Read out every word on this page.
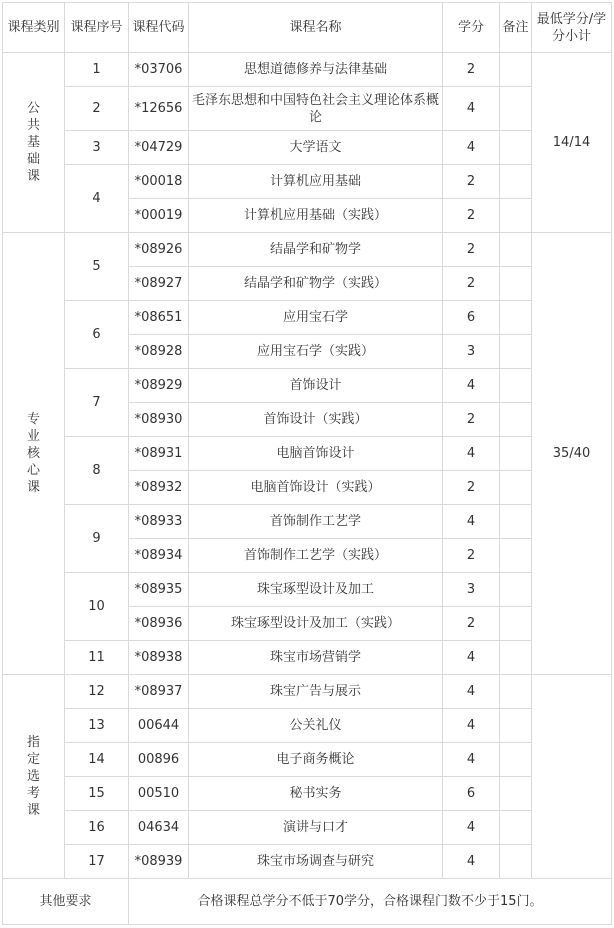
课程类别	课程序号	课程代码	课程名称	学分	备注	最低学分/学分小计

公共基础课	1	*03706	思想道德修养与法律基础	2		14/14
	2	*12656	毛泽东思想和中国特色社会主义理论体系概论	4		
	3	*04729	大学语文	4		
	4	*00018	计算机应用基础	2		
		*00019	计算机应用基础（实践）	2		

专业核心课	5	*08926	结晶学和矿物学	2		35/40
		*08927	结晶学和矿物学（实践）	2		
	6	*08651	应用宝石学	6		
		*08928	应用宝石学（实践）	3		
	7	*08929	首饰设计	4		
		*08930	首饰设计（实践）	2		
	8	*08931	电脑首饰设计	4		
		*08932	电脑首饰设计（实践）	2		
	9	*08933	首饰制作工艺学	4		
		*08934	首饰制作工艺学（实践）	2		
	10	*08935	珠宝琢型设计及加工	3		
		*08936	珠宝琢型设计及加工（实践）	2		
	11	*08938	珠宝市场营销学	4		

指定选考课	12	*08937	珠宝广告与展示	4		
	13	00644	公关礼仪	4		
	14	00896	电子商务概论	4		
	15	00510	秘书实务	6		
	16	04634	演讲与口才	4		
	17	*08939	珠宝市场调查与研究	4		
其他要求		合格课程总学分不低于70学分，合格课程门数不少于15门。				
